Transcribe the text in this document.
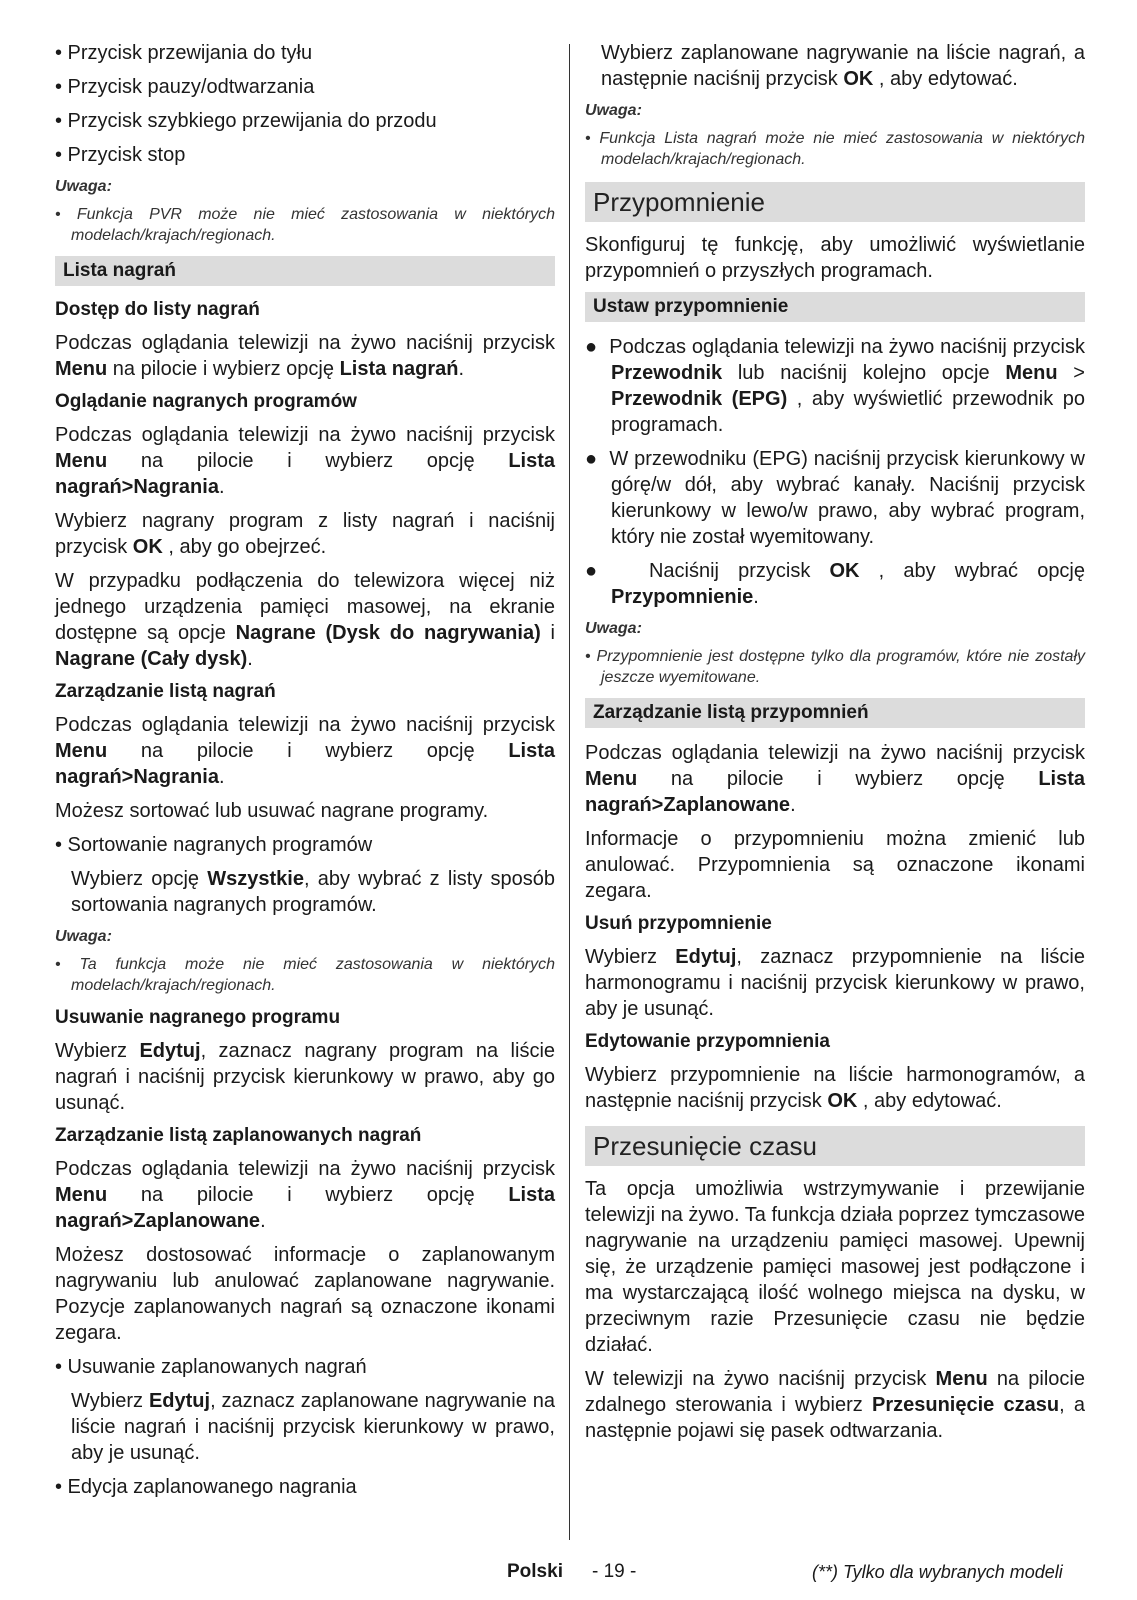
• Przycisk przewijania do tyłu

• Przycisk pauzy/odtwarzania

• Przycisk szybkiego przewijania do przodu

• Przycisk stop

Uwaga:

• Funkcja PVR może nie mieć zastosowania w niektórych modelach/krajach/regionach.

Lista nagrań

Dostęp do listy nagrań

Podczas oglądania telewizji na żywo naciśnij przycisk Menu na pilocie i wybierz opcję Lista nagrań.

Oglądanie nagranych programów

Podczas oglądania telewizji na żywo naciśnij przycisk Menu na pilocie i wybierz opcję Lista nagrań>Nagrania.

Wybierz nagrany program z listy nagrań i naciśnij przycisk OK , aby go obejrzeć.

W przypadku podłączenia do telewizora więcej niż jednego urządzenia pamięci masowej, na ekranie dostępne są opcje Nagrane (Dysk do nagrywania) i Nagrane (Cały dysk).

Zarządzanie listą nagrań

Podczas oglądania telewizji na żywo naciśnij przycisk Menu na pilocie i wybierz opcję Lista nagrań>Nagrania.

Możesz sortować lub usuwać nagrane programy.

• Sortowanie nagranych programów

Wybierz opcję Wszystkie, aby wybrać z listy sposób sortowania nagranych programów.

Uwaga:

• Ta funkcja może nie mieć zastosowania w niektórych modelach/krajach/regionach.

Usuwanie nagranego programu

Wybierz Edytuj, zaznacz nagrany program na liście nagrań i naciśnij przycisk kierunkowy w prawo, aby go usunąć.

Zarządzanie listą zaplanowanych nagrań

Podczas oglądania telewizji na żywo naciśnij przycisk Menu na pilocie i wybierz opcję Lista nagrań>Zaplanowane.

Możesz dostosować informacje o zaplanowanym nagrywaniu lub anulować zaplanowane nagrywanie. Pozycje zaplanowanych nagrań są oznaczone ikonami zegara.

• Usuwanie zaplanowanych nagrań

Wybierz Edytuj, zaznacz zaplanowane nagrywanie na liście nagrań i naciśnij przycisk kierunkowy w prawo, aby je usunąć.

• Edycja zaplanowanego nagrania

Wybierz zaplanowane nagrywanie na liście nagrań, a następnie naciśnij przycisk OK , aby edytować.

Uwaga:

• Funkcja Lista nagrań może nie mieć zastosowania w niektórych modelach/krajach/regionach.

Przypomnienie

Skonfiguruj tę funkcję, aby umożliwić wyświetlanie przypomnień o przyszłych programach.

Ustaw przypomnienie

●  Podczas oglądania telewizji na żywo naciśnij przycisk Przewodnik lub naciśnij kolejno opcje Menu > Przewodnik (EPG) , aby wyświetlić przewodnik po programach.

●  W przewodniku (EPG) naciśnij przycisk kierunkowy w górę/w dół, aby wybrać kanały. Naciśnij przycisk kierunkowy w lewo/w prawo, aby wybrać program, który nie został wyemitowany.

●  Naciśnij przycisk OK , aby wybrać opcję Przypomnienie.

Uwaga:

• Przypomnienie jest dostępne tylko dla programów, które nie zostały jeszcze wyemitowane.

Zarządzanie listą przypomnień

Podczas oglądania telewizji na żywo naciśnij przycisk Menu na pilocie i wybierz opcję Lista nagrań>Zaplanowane.

Informacje o przypomnieniu można zmienić lub anulować. Przypomnienia są oznaczone ikonami zegara.

Usuń przypomnienie

Wybierz Edytuj, zaznacz przypomnienie na liście harmonogramu i naciśnij przycisk kierunkowy w prawo, aby je usunąć.

Edytowanie przypomnienia

Wybierz przypomnienie na liście harmonogramów, a następnie naciśnij przycisk OK , aby edytować.

Przesunięcie czasu

Ta opcja umożliwia wstrzymywanie i przewijanie telewizji na żywo. Ta funkcja działa poprzez tymczasowe nagrywanie na urządzeniu pamięci masowej. Upewnij się, że urządzenie pamięci masowej jest podłączone i ma wystarczającą ilość wolnego miejsca na dysku, w przeciwnym razie Przesunięcie czasu nie będzie działać.

W telewizji na żywo naciśnij przycisk Menu na pilocie zdalnego sterowania i wybierz Przesunięcie czasu, a następnie pojawi się pasek odtwarzania.

Polski - 19 -	(**) Tylko dla wybranych modeli
